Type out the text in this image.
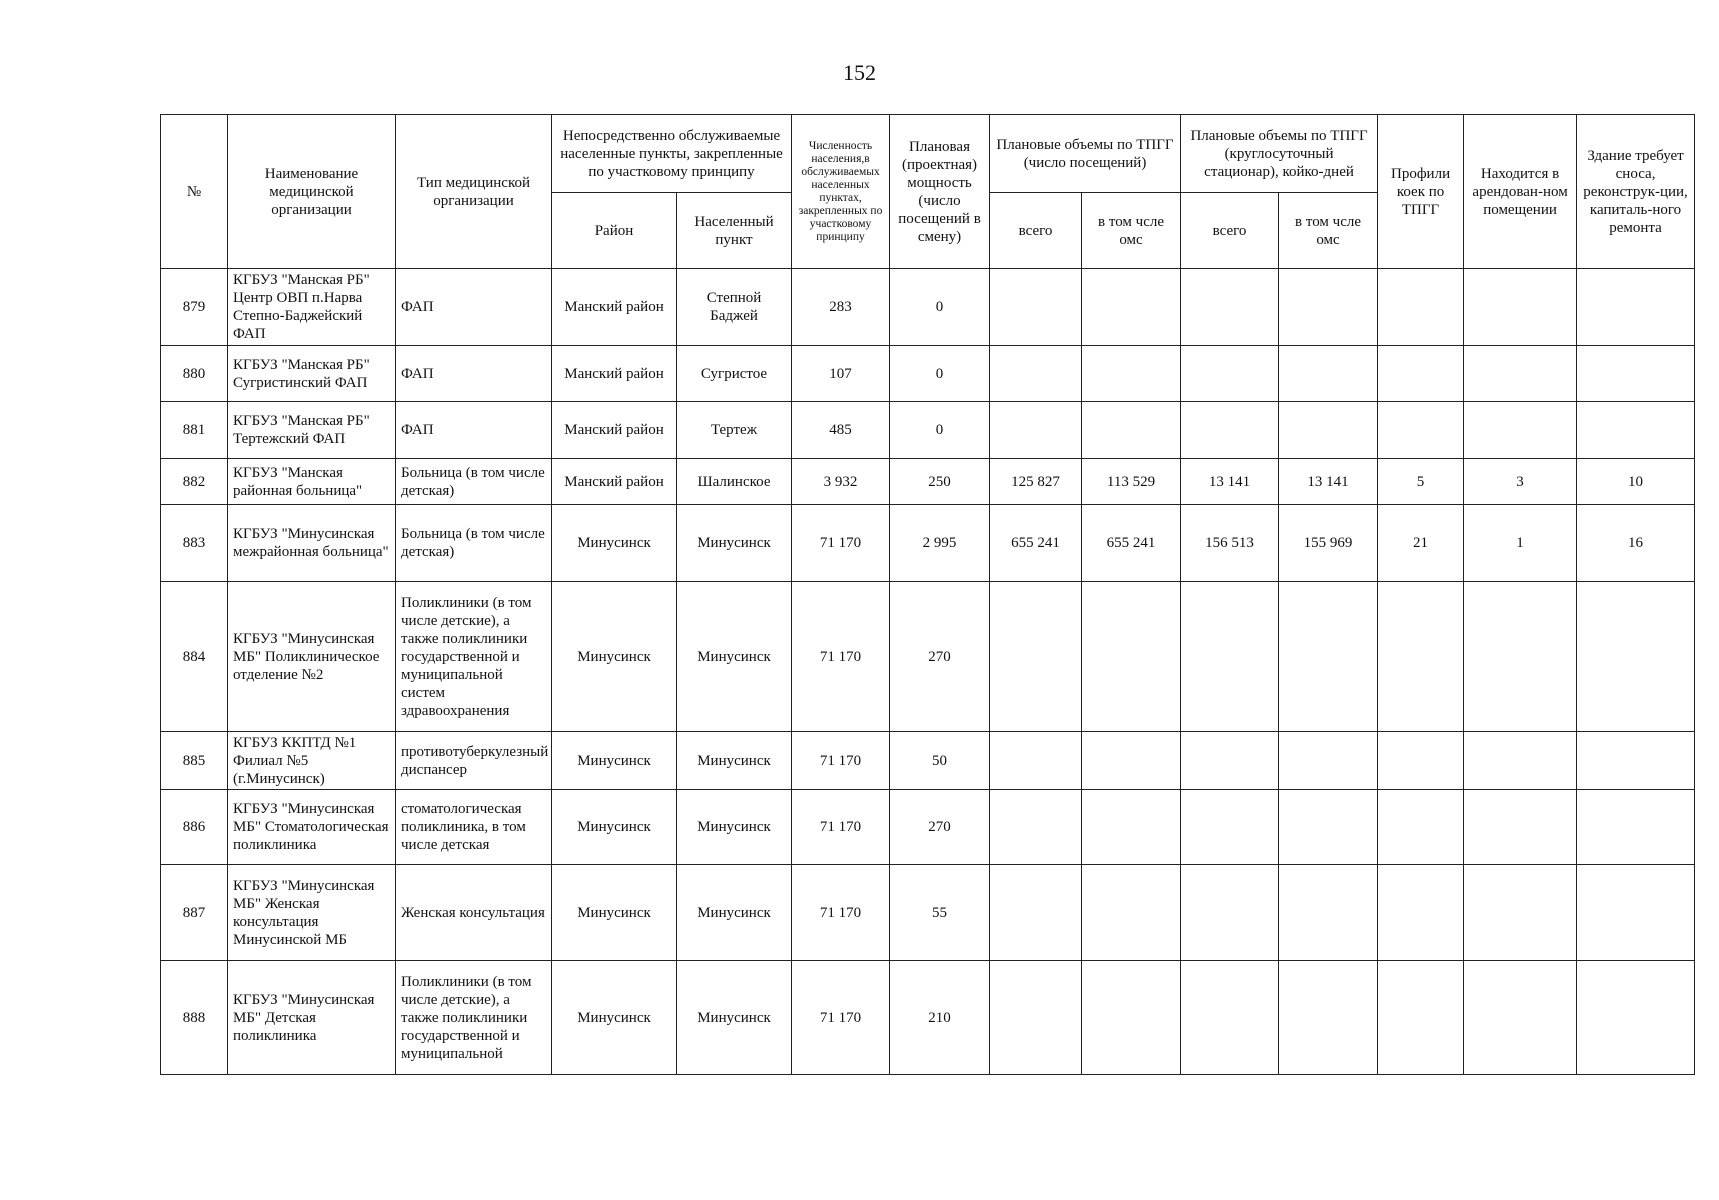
152
№	Наименование медицинской организации	Тип медицинской организации	Непосредственно обслуживаемые населенные пункты, закрепленные по участковому принципу		Численность населения,в обслуживаемых населенных пунктах, закрепленных по участковому принципу	Плановая (проектная) мощность (число посещений в смену)	Плановые объемы по ТПГГ (число посещений)		Плановые объемы по ТПГГ (круглосуточный стационар), койко-дней		Профили коек по ТПГГ	Находится в арендован-ном помещении	Здание требует сноса, реконструк-ции, капиталь-ного ремонта
			Район	Населенный пункт			всего	в том чсле омс	всего	в том чсле омс			
879	КГБУЗ "Манская РБ" Центр ОВП п.Нарва Степно-Баджейский ФАП	ФАП	Манский район	Степной Баджей	283	0							
880	КГБУЗ "Манская РБ" Сугристинский ФАП	ФАП	Манский район	Сугристое	107	0							
881	КГБУЗ "Манская РБ" Тертежский ФАП	ФАП	Манский район	Тертеж	485	0							
882	КГБУЗ "Манская районная больница"	Больница (в том числе детская)	Манский район	Шалинское	3 932	250	125 827	113 529	13 141	13 141	5	3	10
883	КГБУЗ "Минусинская межрайонная больница"	Больница (в том числе детская)	Минусинск	Минусинск	71 170	2 995	655 241	655 241	156 513	155 969	21	1	16
884	КГБУЗ "Минусинская МБ" Поликлиническое отделение №2	Поликлиники (в том числе детские), а также поликлиники государственной и муниципальной систем здравоохранения	Минусинск	Минусинск	71 170	270							
885	КГБУЗ ККПТД №1 Филиал №5 (г.Минусинск)	противотуберкулезный диспансер	Минусинск	Минусинск	71 170	50							
886	КГБУЗ "Минусинская МБ" Стоматологическая поликлиника	стоматологическая поликлиника, в том числе детская	Минусинск	Минусинск	71 170	270							
887	КГБУЗ "Минусинская МБ" Женская консультация Минусинской МБ	Женская консультация	Минусинск	Минусинск	71 170	55							
888	КГБУЗ "Минусинская МБ" Детская поликлиника	Поликлиники (в том числе детские), а также поликлиники государственной и муниципальной	Минусинск	Минусинск	71 170	210							
